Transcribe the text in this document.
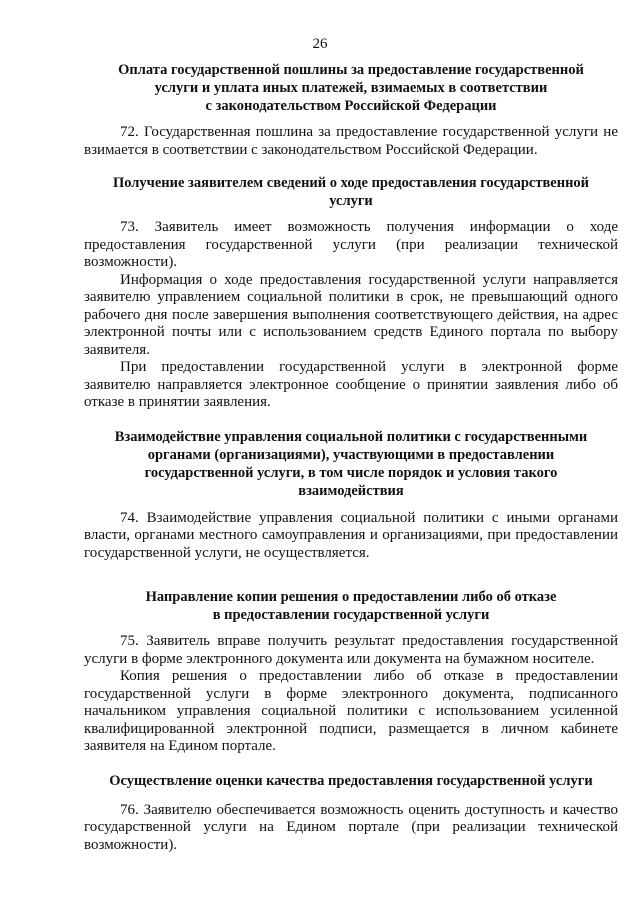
26
Оплата государственной пошлины за предоставление государственной
услуги и уплата иных платежей, взимаемых в соответствии
с законодательством Российской Федерации

72. Государственная пошлина за предоставление государственной услуги не взимается в соответствии с законодательством Российской Федерации.

Получение заявителем сведений о ходе предоставления государственной
услуги

73. Заявитель имеет возможность получения информации о ходе предоставления государственной услуги (при реализации технической возможности).

Информация о ходе предоставления государственной услуги направляется заявителю управлением социальной политики в срок, не превышающий одного рабочего дня после завершения выполнения соответствующего действия, на адрес электронной почты или с использованием средств Единого портала по выбору заявителя.

При предоставлении государственной услуги в электронной форме заявителю направляется электронное сообщение о принятии заявления либо об отказе в принятии заявления.

Взаимодействие управления социальной политики с государственными
органами (организациями), участвующими в предоставлении
государственной услуги, в том числе порядок и условия такого
взаимодействия

74. Взаимодействие управления социальной политики с иными органами власти, органами местного самоуправления и организациями, при предоставлении государственной услуги, не осуществляется.

Направление копии решения о предоставлении либо об отказе
в предоставлении государственной услуги

75. Заявитель вправе получить результат предоставления государственной услуги в форме электронного документа или документа на бумажном носителе.

Копия решения о предоставлении либо об отказе в предоставлении государственной услуги в форме электронного документа, подписанного начальником управления социальной политики с использованием усиленной квалифицированной электронной подписи, размещается в личном кабинете заявителя на Едином портале.

Осуществление оценки качества предоставления государственной услуги

76. Заявителю обеспечивается возможность оценить доступность и качество государственной услуги на Едином портале (при реализации технической возможности).
